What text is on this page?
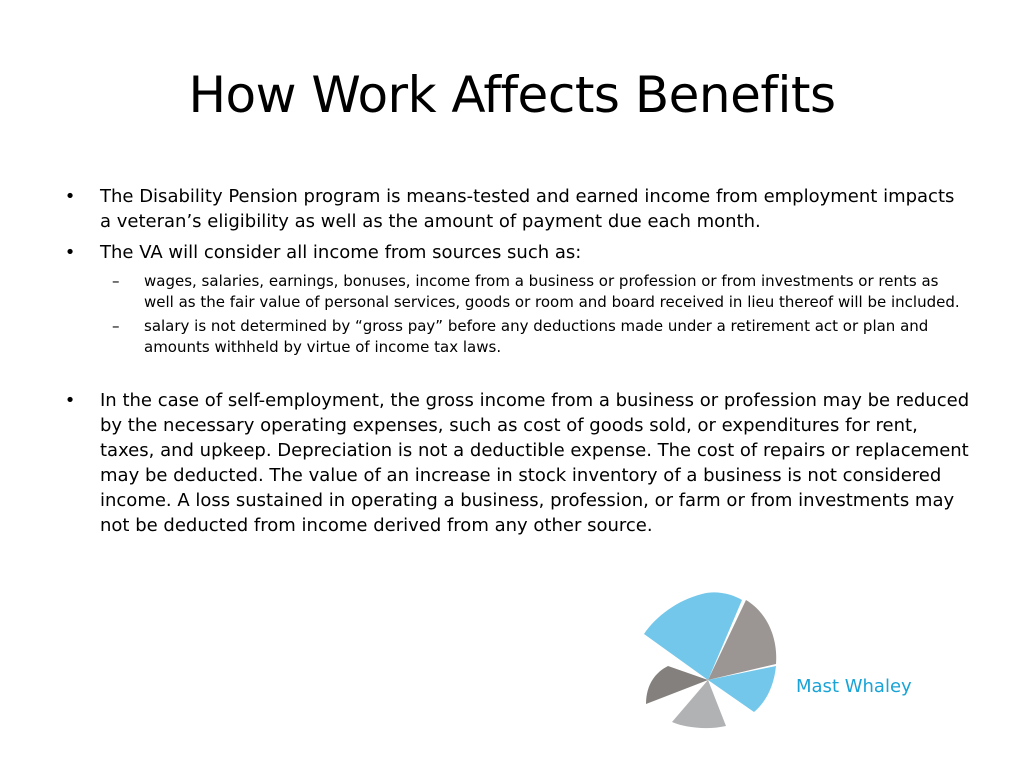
How Work Affects Benefits
• The Disability Pension program is means-tested and earned income from employment impacts a veteran’s eligibility as well as the amount of payment due each month.
• The VA will consider all income from sources such as:
– wages, salaries, earnings, bonuses, income from a business or profession or from investments or rents as well as the fair value of personal services, goods or room and board received in lieu thereof will be included.
– salary is not determined by “gross pay” before any deductions made under a retirement act or plan and amounts withheld by virtue of income tax laws.
• In the case of self-employment, the gross income from a business or profession may be reduced by the necessary operating expenses, such as cost of goods sold, or expenditures for rent, taxes, and upkeep. Depreciation is not a deductible expense. The cost of repairs or replacement may be deducted. The value of an increase in stock inventory of a business is not considered income. A loss sustained in operating a business, profession, or farm or from investments may not be deducted from income derived from any other source.
Mast Whaley
